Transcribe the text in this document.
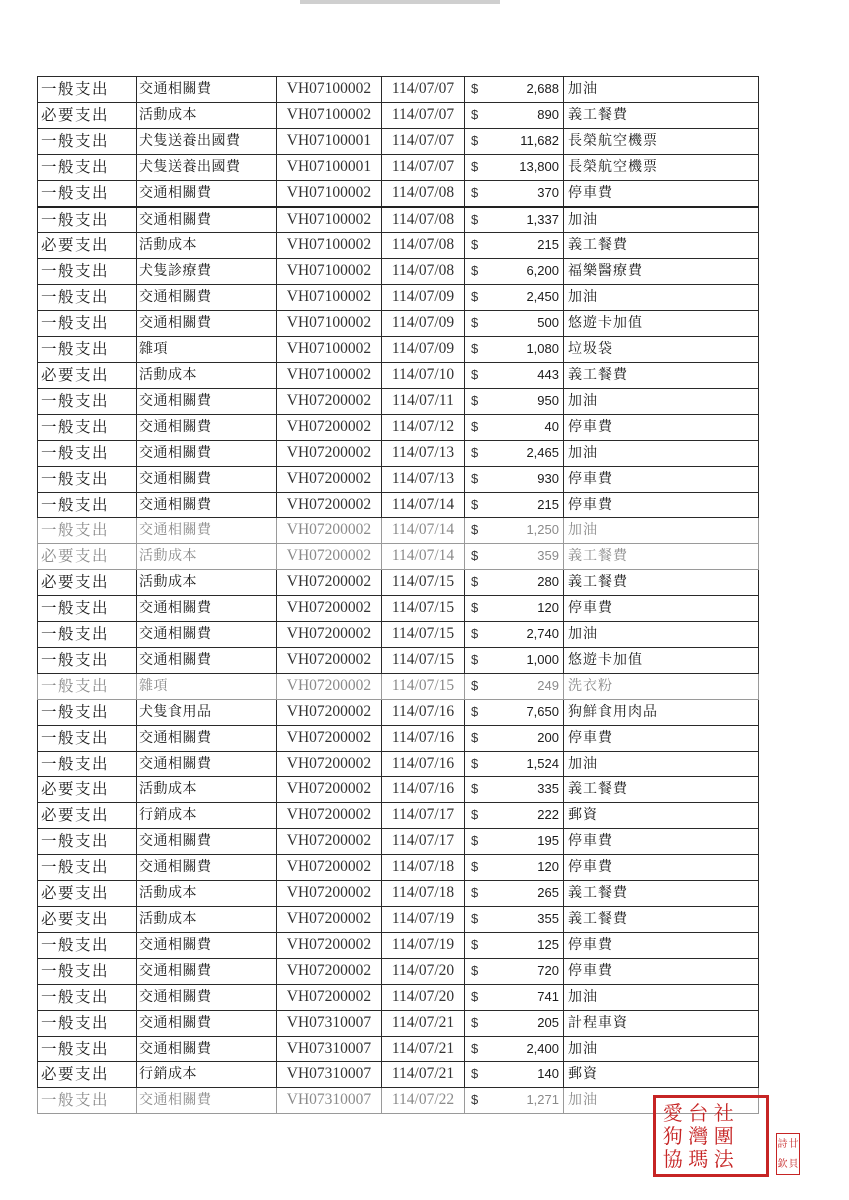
一般支出	交通相關費	VH07100002	114/07/07	$ 2,688	加油
必要支出	活動成本	VH07100002	114/07/07	$ 890	義工餐費
一般支出	犬隻送養出國費	VH07100001	114/07/07	$ 11,682	長榮航空機票
一般支出	犬隻送養出國費	VH07100001	114/07/07	$ 13,800	長榮航空機票
一般支出	交通相關費	VH07100002	114/07/08	$ 370	停車費
一般支出	交通相關費	VH07100002	114/07/08	$ 1,337	加油
必要支出	活動成本	VH07100002	114/07/08	$ 215	義工餐費
一般支出	犬隻診療費	VH07100002	114/07/08	$ 6,200	福樂醫療費
一般支出	交通相關費	VH07100002	114/07/09	$ 2,450	加油
一般支出	交通相關費	VH07100002	114/07/09	$ 500	悠遊卡加值
一般支出	雜項	VH07100002	114/07/09	$ 1,080	垃圾袋
必要支出	活動成本	VH07100002	114/07/10	$ 443	義工餐費
一般支出	交通相關費	VH07200002	114/07/11	$ 950	加油
一般支出	交通相關費	VH07200002	114/07/12	$ 40	停車費
一般支出	交通相關費	VH07200002	114/07/13	$ 2,465	加油
一般支出	交通相關費	VH07200002	114/07/13	$ 930	停車費
一般支出	交通相關費	VH07200002	114/07/14	$ 215	停車費
一般支出	交通相關費	VH07200002	114/07/14	$ 1,250	加油
必要支出	活動成本	VH07200002	114/07/14	$ 359	義工餐費
必要支出	活動成本	VH07200002	114/07/15	$ 280	義工餐費
一般支出	交通相關費	VH07200002	114/07/15	$ 120	停車費
一般支出	交通相關費	VH07200002	114/07/15	$ 2,740	加油
一般支出	交通相關費	VH07200002	114/07/15	$ 1,000	悠遊卡加值
一般支出	雜項	VH07200002	114/07/15	$ 249	洗衣粉
一般支出	犬隻食用品	VH07200002	114/07/16	$ 7,650	狗鮮食用肉品
一般支出	交通相關費	VH07200002	114/07/16	$ 200	停車費
一般支出	交通相關費	VH07200002	114/07/16	$ 1,524	加油
必要支出	活動成本	VH07200002	114/07/16	$ 335	義工餐費
必要支出	行銷成本	VH07200002	114/07/17	$ 222	郵資
一般支出	交通相關費	VH07200002	114/07/17	$ 195	停車費
一般支出	交通相關費	VH07200002	114/07/18	$ 120	停車費
必要支出	活動成本	VH07200002	114/07/18	$ 265	義工餐費
必要支出	活動成本	VH07200002	114/07/19	$ 355	義工餐費
一般支出	交通相關費	VH07200002	114/07/19	$ 125	停車費
一般支出	交通相關費	VH07200002	114/07/20	$ 720	停車費
一般支出	交通相關費	VH07200002	114/07/20	$ 741	加油
一般支出	交通相關費	VH07310007	114/07/21	$ 205	計程車資
一般支出	交通相關費	VH07310007	114/07/21	$ 2,400	加油
必要支出	行銷成本	VH07310007	114/07/21	$ 140	郵資
一般支出	交通相關費	VH07310007	114/07/22	$ 1,271	加油
愛 台 社
狗 灣 團
協 瑪 法
詩 廿
欽 貝
